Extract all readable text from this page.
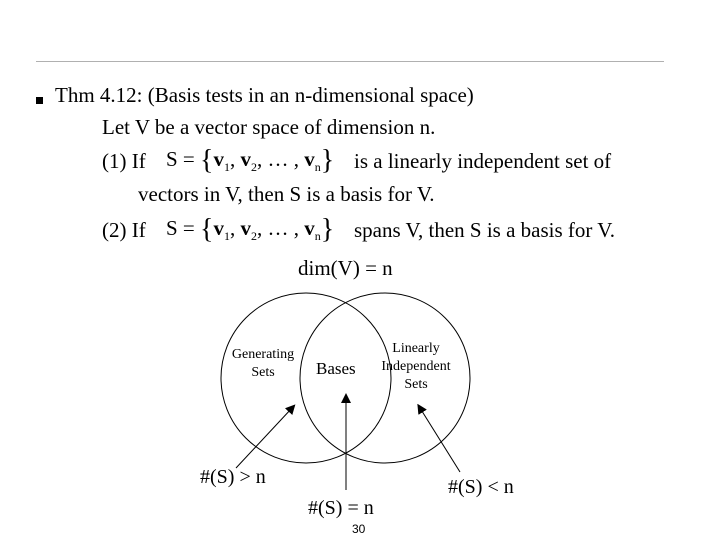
Thm 4.12: (Basis tests in an n-dimensional space)
Let V be a vector space of dimension n.
(1) If $S = \{v_1$, $v_2$, … , $v_n$} is a linearly independent set of
vectors in V, then S is a basis for V.
(2) If $S = \{v_1$, $v_2$, … , $v_n$} spans V, then S is a basis for V.
dim(V) = n
Generating Sets	Bases
Linearly Independent Sets
#(S) > n
#(S) = n
#(S) < n
30
